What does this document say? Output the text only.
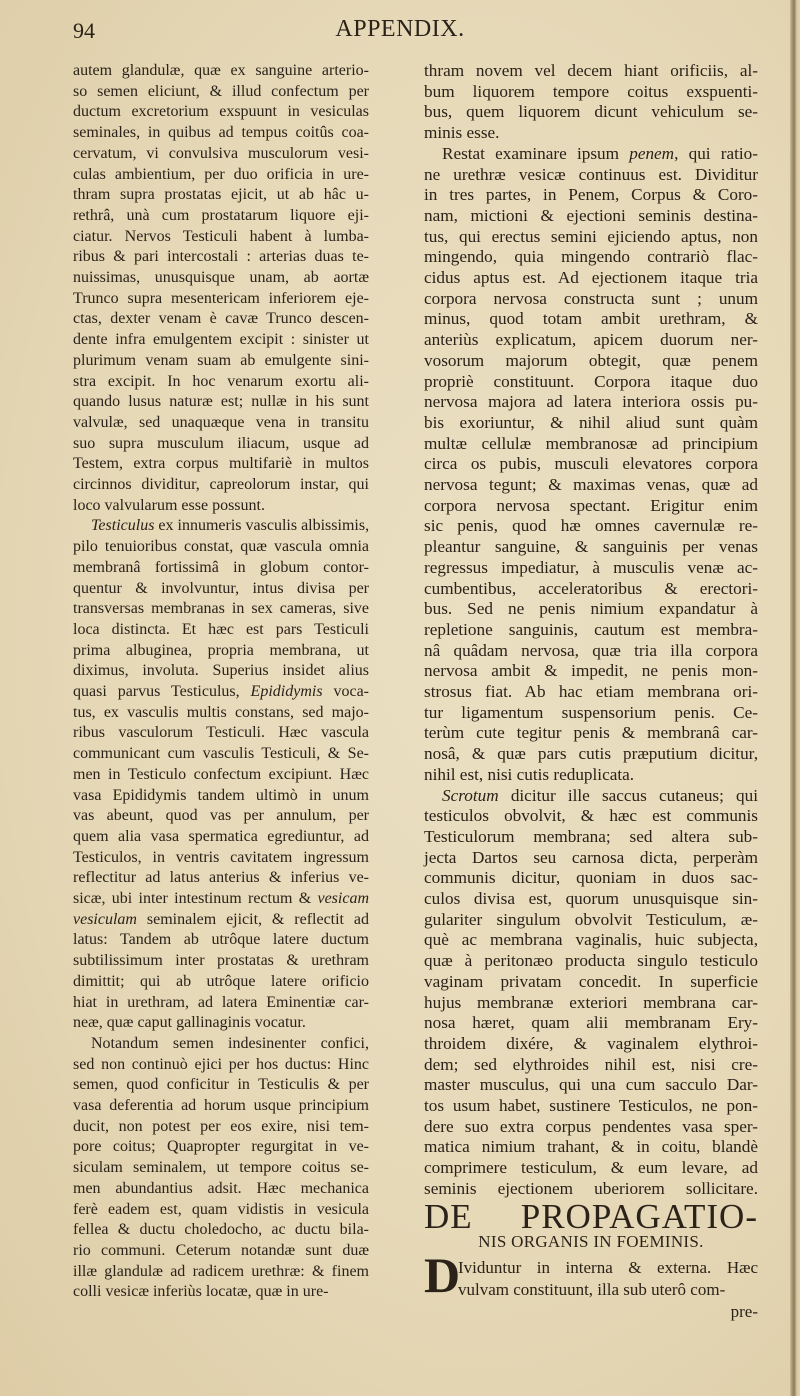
94	APPENDIX.
autem glandulæ, quæ ex sanguine arterio-
so semen eliciunt, & illud confectum per
ductum excretorium exspuunt in vesiculas
seminales, in quibus ad tempus coitûs coa-
cervatum, vi convulsiva musculorum vesi-
culas ambientium, per duo orificia in ure-
thram supra prostatas ejicit, ut ab hâc u-
rethrâ, unà cum prostatarum liquore eji-
ciatur. Nervos Testiculi habent à lumba-
ribus & pari intercostali : arterias duas te-
nuissimas, unusquisque unam, ab aortæ
Trunco supra mesentericam inferiorem eje-
ctas, dexter venam è cavæ Trunco descen-
dente infra emulgentem excipit : sinister ut
plurimum venam suam ab emulgente sini-
stra excipit. In hoc venarum exortu ali-
quando lusus naturæ est; nullæ in his sunt
valvulæ, sed unaquæque vena in transitu
suo supra musculum iliacum, usque ad
Testem, extra corpus multifariè in multos
circinnos dividitur, capreolorum instar, qui
loco valvularum esse possunt.
Testiculus ex innumeris vasculis albissimis,
pilo tenuioribus constat, quæ vascula omnia
membranâ fortissimâ in globum contor-
quentur & involvuntur, intus divisa per
transversas membranas in sex cameras, sive
loca distincta. Et hæc est pars Testiculi
prima albuginea, propria membrana, ut
diximus, involuta. Superius insidet alius
quasi parvus Testiculus, Epididymis voca-
tus, ex vasculis multis constans, sed majo-
ribus vasculorum Testiculi. Hæc vascula
communicant cum vasculis Testiculi, & Se-
men in Testiculo confectum excipiunt. Hæc
vasa Epididymis tandem ultimò in unum
vas abeunt, quod vas per annulum, per
quem alia vasa spermatica egrediuntur, ad
Testiculos, in ventris cavitatem ingressum
reflectitur ad latus anterius & inferius ve-
sicæ, ubi inter intestinum rectum & vesicam
vesiculam seminalem ejicit, & reflectit ad
latus: Tandem ab utrôque latere ductum
subtilissimum inter prostatas & urethram
dimittit; qui ab utrôque latere orificio
hiat in urethram, ad latera Eminentiæ car-
neæ, quæ caput gallinaginis vocatur.
Notandum semen indesinenter confici,
sed non continuò ejici per hos ductus: Hinc
semen, quod conficitur in Testiculis & per
vasa deferentia ad horum usque principium
ducit, non potest per eos exire, nisi tem-
pore coitus; Quapropter regurgitat in ve-
siculam seminalem, ut tempore coitus se-
men abundantius adsit. Hæc mechanica
ferè eadem est, quam vidistis in vesicula
fellea & ductu choledocho, ac ductu bila-
rio communi. Ceterum notandæ sunt duæ
illæ glandulæ ad radicem urethræ: & finem
colli vesicæ inferiùs locatæ, quæ in ure-
thram novem vel decem hiant orificiis, al-
bum liquorem tempore coitus exspuenti-
bus, quem liquorem dicunt vehiculum se-
minis esse.
Restat examinare ipsum penem, qui ratio-
ne urethræ vesicæ continuus est. Dividitur
in tres partes, in Penem, Corpus & Coro-
nam, mictioni & ejectioni seminis destina-
tus, qui erectus semini ejiciendo aptus, non
mingendo, quia mingendo contrariò flac-
cidus aptus est. Ad ejectionem itaque tria
corpora nervosa constructa sunt ; unum
minus, quod totam ambit urethram, &
anteriùs explicatum, apicem duorum ner-
vosorum majorum obtegit, quæ penem
propriè constituunt. Corpora itaque duo
nervosa majora ad latera interiora ossis pu-
bis exoriuntur, & nihil aliud sunt quàm
multæ cellulæ membranosæ ad principium
circa os pubis, musculi elevatores corpora
nervosa tegunt; & maximas venas, quæ ad
corpora nervosa spectant. Erigitur enim
sic penis, quod hæ omnes cavernulæ re-
pleantur sanguine, & sanguinis per venas
regressus impediatur, à musculis venæ ac-
cumbentibus, acceleratoribus & erectori-
bus. Sed ne penis nimium expandatur à
repletione sanguinis, cautum est membra-
nâ quâdam nervosa, quæ tria illa corpora
nervosa ambit & impedit, ne penis mon-
strosus fiat. Ab hac etiam membrana ori-
tur ligamentum suspensorium penis. Ce-
terùm cute tegitur penis & membranâ car-
nosâ, & quæ pars cutis præputium dicitur,
nihil est, nisi cutis reduplicata.
Scrotum dicitur ille saccus cutaneus; qui
testiculos obvolvit, & hæc est communis
Testiculorum membrana; sed altera sub-
jecta Dartos seu carnosa dicta, perperàm
communis dicitur, quoniam in duos sac-
culos divisa est, quorum unusquisque sin-
gulariter singulum obvolvit Testiculum, æ-
què ac membrana vaginalis, huic subjecta,
quæ à peritonæo producta singulo testiculo
vaginam privatam concedit. In superficie
hujus membranæ exteriori membrana car-
nosa hæret, quam alii membranam Ery-
throidem dixére, & vaginalem elythroi-
dem; sed elythroides nihil est, nisi cre-
master musculus, qui una cum sacculo Dar-
tos usum habet, sustinere Testiculos, ne pon-
dere suo extra corpus pendentes vasa sper-
matica nimium trahant, & in coitu, blandè
comprimere testiculum, & eum levare, ad
seminis ejectionem uberiorem sollicitare.
DE PROPAGATIO-
NIS ORGANIS IN FOEMINIS.
D
Ividuntur in interna & externa. Hæc
vulvam constituunt, illa sub uterô com-
pre-
